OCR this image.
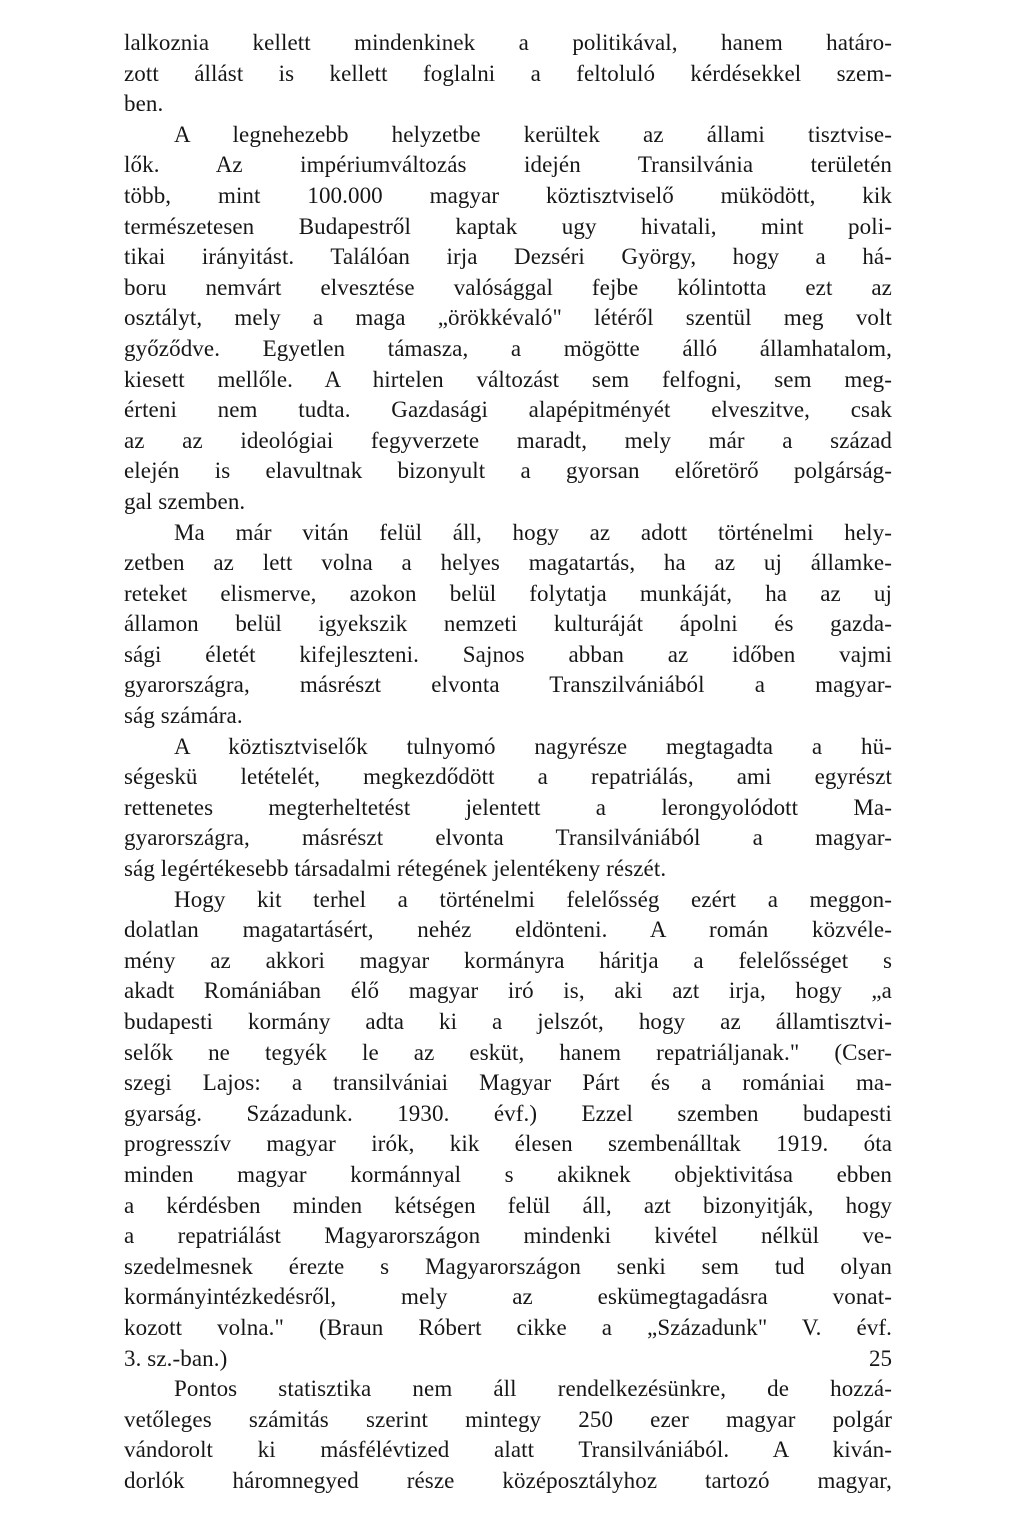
lalkoznia kellett mindenkinek a politikával, hanem határo-
zott állást is kellett foglalni a feltoluló kérdésekkel szem-
ben.
A legnehezebb helyzetbe kerültek az állami tisztvise-
lők. Az impériumváltozás idején Transilvánia területén
több, mint 100.000 magyar köztisztviselő müködött, kik
természetesen Budapestről kaptak ugy hivatali, mint poli-
tikai irányitást. Találóan irja Dezséri György, hogy a há-
boru nemvárt elvesztése valósággal fejbe kólintotta ezt az
osztályt, mely a maga „örökkévaló" létéről szentül meg volt
győződve. Egyetlen támasza, a mögötte álló államhatalom,
kiesett mellőle. A hirtelen változást sem felfogni, sem meg-
érteni nem tudta. Gazdasági alapépitményét elveszitve, csak
az az ideológiai fegyverzete maradt, mely már a század
elején is elavultnak bizonyult a gyorsan előretörő polgárság-
gal szemben.
Ma már vitán felül áll, hogy az adott történelmi hely-
zetben az lett volna a helyes magatartás, ha az uj államke-
reteket elismerve, azokon belül folytatja munkáját, ha az uj
államon belül igyekszik nemzeti kulturáját ápolni és gazda-
sági életét kifejleszteni. Sajnos abban az időben vajmi
gyarországra, másrészt elvonta Transzilvániából a magyar-
ság számára.
A köztisztviselők tulnyomó nagyrésze megtagadta a hü-
ségeskü letételét, megkezdődött a repatriálás, ami egyrészt
rettenetes megterheltetést jelentett a lerongyolódott Ma-
gyarországra, másrészt elvonta Transilvániából a magyar-
ság legértékesebb társadalmi rétegének jelentékeny részét.
Hogy kit terhel a történelmi felelősség ezért a meggon-
dolatlan magatartásért, nehéz eldönteni. A román közvéle-
mény az akkori magyar kormányra háritja a felelősséget s
akadt Romániában élő magyar iró is, aki azt irja, hogy „a
budapesti kormány adta ki a jelszót, hogy az államtisztvi-
selők ne tegyék le az esküt, hanem repatriáljanak." (Cser-
szegi Lajos: a transilvániai Magyar Párt és a romániai ma-
gyarság. Századunk. 1930. évf.) Ezzel szemben budapesti
progresszív magyar irók, kik élesen szembenálltak 1919. óta
minden magyar kormánnyal s akiknek objektivitása ebben
a kérdésben minden kétségen felül áll, azt bizonyitják, hogy
a repatriálást Magyarországon mindenki kivétel nélkül ve-
szedelmesnek érezte s Magyarországon senki sem tud olyan
kormányintézkedésről, mely az eskümegtagadásra vonat-
kozott volna." (Braun Róbert cikke a „Századunk" V. évf.
3. sz.-ban.)
Pontos statisztika nem áll rendelkezésünkre, de hozzá-
vetőleges számitás szerint mintegy 250 ezer magyar polgár
vándorolt ki másfélévtized alatt Transilvániából. A kiván-
dorlók háromnegyed része középosztályhoz tartozó magyar,
25
